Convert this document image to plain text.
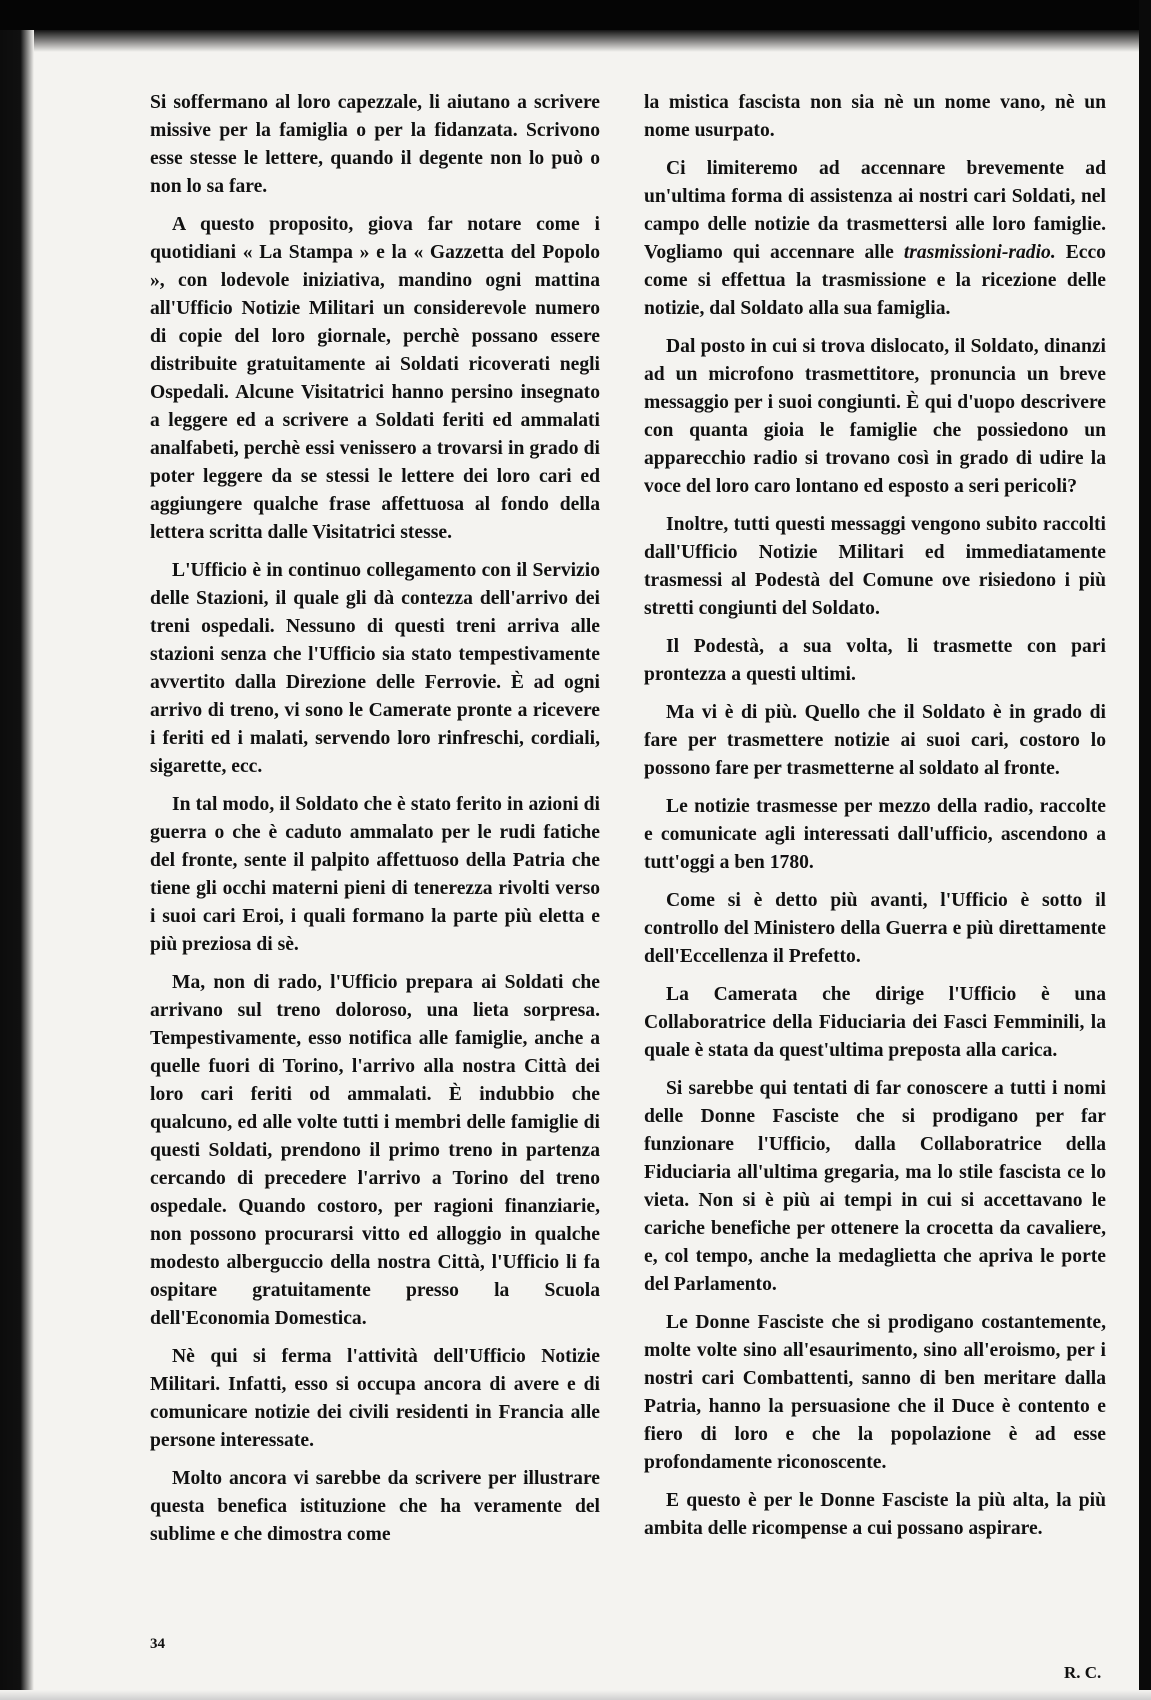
Si soffermano al loro capezzale, li aiutano a scrivere missive per la famiglia o per la fidanzata. Scrivono esse stesse le lettere, quando il degente non lo può o non lo sa fare.

A questo proposito, giova far notare come i quotidiani « La Stampa » e la « Gazzetta del Popolo », con lodevole iniziativa, mandino ogni mattina all'Ufficio Notizie Militari un considerevole numero di copie del loro giornale, perchè possano essere distribuite gratuitamente ai Soldati ricoverati negli Ospedali. Alcune Visitatrici hanno persino insegnato a leggere ed a scrivere a Soldati feriti ed ammalati analfabeti, perchè essi venissero a trovarsi in grado di poter leggere da se stessi le lettere dei loro cari ed aggiungere qualche frase affettuosa al fondo della lettera scritta dalle Visitatrici stesse.

L'Ufficio è in continuo collegamento con il Servizio delle Stazioni, il quale gli dà contezza dell'arrivo dei treni ospedali. Nessuno di questi treni arriva alle stazioni senza che l'Ufficio sia stato tempestivamente avvertito dalla Direzione delle Ferrovie. È ad ogni arrivo di treno, vi sono le Camerate pronte a ricevere i feriti ed i malati, servendo loro rinfreschi, cordiali, sigarette, ecc.

In tal modo, il Soldato che è stato ferito in azioni di guerra o che è caduto ammalato per le rudi fatiche del fronte, sente il palpito affettuoso della Patria che tiene gli occhi materni pieni di tenerezza rivolti verso i suoi cari Eroi, i quali formano la parte più eletta e più preziosa di sè.

Ma, non di rado, l'Ufficio prepara ai Soldati che arrivano sul treno doloroso, una lieta sorpresa. Tempestivamente, esso notifica alle famiglie, anche a quelle fuori di Torino, l'arrivo alla nostra Città dei loro cari feriti od ammalati. È indubbio che qualcuno, ed alle volte tutti i membri delle famiglie di questi Soldati, prendono il primo treno in partenza cercando di precedere l'arrivo a Torino del treno ospedale. Quando costoro, per ragioni finanziarie, non possono procurarsi vitto ed alloggio in qualche modesto alberguccio della nostra Città, l'Ufficio li fa ospitare gratuitamente presso la Scuola dell'Economia Domestica.

Nè qui si ferma l'attività dell'Ufficio Notizie Militari. Infatti, esso si occupa ancora di avere e di comunicare notizie dei civili residenti in Francia alle persone interessate.

Molto ancora vi sarebbe da scrivere per illustrare questa benefica istituzione che ha veramente del sublime e che dimostra come

la mistica fascista non sia nè un nome vano, nè un nome usurpato.

Ci limiteremo ad accennare brevemente ad un'ultima forma di assistenza ai nostri cari Soldati, nel campo delle notizie da trasmettersi alle loro famiglie. Vogliamo qui accennare alle trasmissioni-radio. Ecco come si effettua la trasmissione e la ricezione delle notizie, dal Soldato alla sua famiglia.

Dal posto in cui si trova dislocato, il Soldato, dinanzi ad un microfono trasmettitore, pronuncia un breve messaggio per i suoi congiunti. È qui d'uopo descrivere con quanta gioia le famiglie che possiedono un apparecchio radio si trovano così in grado di udire la voce del loro caro lontano ed esposto a seri pericoli?

Inoltre, tutti questi messaggi vengono subito raccolti dall'Ufficio Notizie Militari ed immediatamente trasmessi al Podestà del Comune ove risiedono i più stretti congiunti del Soldato.

Il Podestà, a sua volta, li trasmette con pari prontezza a questi ultimi.

Ma vi è di più. Quello che il Soldato è in grado di fare per trasmettere notizie ai suoi cari, costoro lo possono fare per trasmetterne al soldato al fronte.

Le notizie trasmesse per mezzo della radio, raccolte e comunicate agli interessati dall'ufficio, ascendono a tutt'oggi a ben 1780.

Come si è detto più avanti, l'Ufficio è sotto il controllo del Ministero della Guerra e più direttamente dell'Eccellenza il Prefetto.

La Camerata che dirige l'Ufficio è una Collaboratrice della Fiduciaria dei Fasci Femminili, la quale è stata da quest'ultima preposta alla carica.

Si sarebbe qui tentati di far conoscere a tutti i nomi delle Donne Fasciste che si prodigano per far funzionare l'Ufficio, dalla Collaboratrice della Fiduciaria all'ultima gregaria, ma lo stile fascista ce lo vieta. Non si è più ai tempi in cui si accettavano le cariche benefiche per ottenere la crocetta da cavaliere, e, col tempo, anche la medaglietta che apriva le porte del Parlamento.

Le Donne Fasciste che si prodigano costantemente, molte volte sino all'esaurimento, sino all'eroismo, per i nostri cari Combattenti, sanno di ben meritare dalla Patria, hanno la persuasione che il Duce è contento e fiero di loro e che la popolazione è ad esse profondamente riconoscente.

E questo è per le Donne Fasciste la più alta, la più ambita delle ricompense a cui possano aspirare.

R. C.
34
